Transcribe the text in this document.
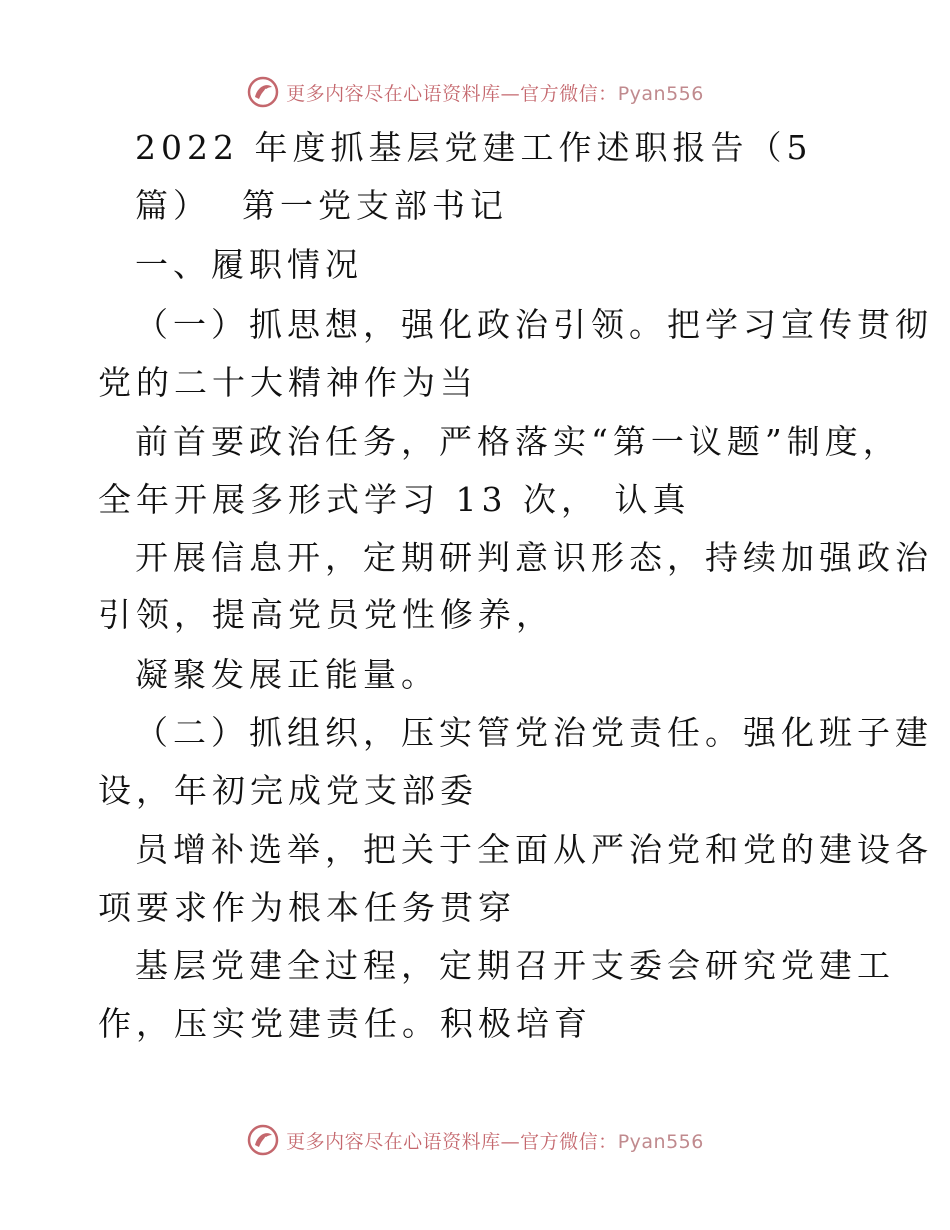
更多内容尽在心语资料库—官方微信：Pyan556
2022 年度抓基层党建工作述职报告（5
篇）  第一党支部书记
一、履职情况
（一）抓思想，强化政治引领。把学习宣传贯彻
党的二十大精神作为当
前首要政治任务，严格落实“第一议题”制度，
全年开展多形式学习 13 次， 认真
开展信息开，定期研判意识形态，持续加强政治
引领，提高党员党性修养，
凝聚发展正能量。
（二）抓组织，压实管党治党责任。强化班子建
设，年初完成党支部委
员增补选举，把关于全面从严治党和党的建设各
项要求作为根本任务贯穿
基层党建全过程，定期召开支委会研究党建工
作，压实党建责任。积极培育
更多内容尽在心语资料库—官方微信：Pyan556
